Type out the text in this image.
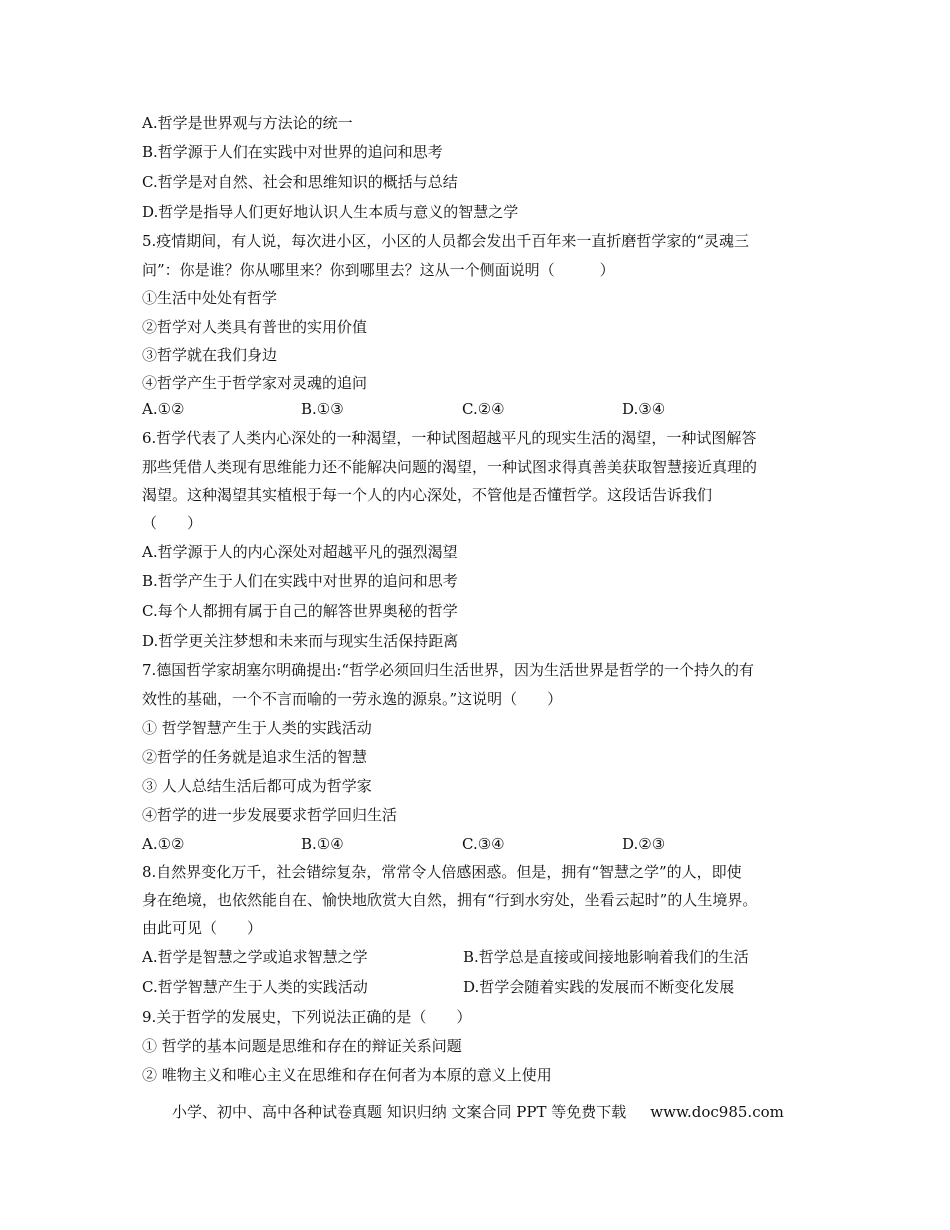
A.哲学是世界观与方法论的统一
B.哲学源于人们在实践中对世界的追问和思考
C.哲学是对自然、社会和思维知识的概括与总结
D.哲学是指导人们更好地认识人生本质与意义的智慧之学
5.疫情期间，有人说，每次进小区，小区的人员都会发出千百年来一直折磨哲学家的“灵魂三
问”：你是谁？你从哪里来？你到哪里去？这从一个侧面说明（　　　）
①生活中处处有哲学
②哲学对人类具有普世的实用价值
③哲学就在我们身边
④哲学产生于哲学家对灵魂的追问
A.①②	B.①③	C.②④	D.③④
6.哲学代表了人类内心深处的一种渴望，一种试图超越平凡的现实生活的渴望，一种试图解答
那些凭借人类现有思维能力还不能解决问题的渴望，一种试图求得真善美获取智慧接近真理的
渴望。这种渴望其实植根于每一个人的内心深处，不管他是否懂哲学。这段话告诉我们
（　　）
A.哲学源于人的内心深处对超越平凡的强烈渴望
B.哲学产生于人们在实践中对世界的追问和思考
C.每个人都拥有属于自己的解答世界奥秘的哲学
D.哲学更关注梦想和未来而与现实生活保持距离
7.德国哲学家胡塞尔明确提出:“哲学必须回归生活世界，因为生活世界是哲学的一个持久的有
效性的基础，一个不言而喻的一劳永逸的源泉。”这说明（　　）
① 哲学智慧产生于人类的实践活动
②哲学的任务就是追求生活的智慧
③ 人人总结生活后都可成为哲学家
④哲学的进一步发展要求哲学回归生活
A.①②	B.①④	C.③④	D.②③
8.自然界变化万千，社会错综复杂，常常令人倍感困惑。但是，拥有“智慧之学”的人，即使
身在绝境，也依然能自在、愉快地欣赏大自然，拥有“行到水穷处，坐看云起时”的人生境界。
由此可见（　　）
A.哲学是智慧之学或追求智慧之学	B.哲学总是直接或间接地影响着我们的生活
C.哲学智慧产生于人类的实践活动	D.哲学会随着实践的发展而不断变化发展
9.关于哲学的发展史，下列说法正确的是（　　）
① 哲学的基本问题是思维和存在的辩证关系问题
② 唯物主义和唯心主义在思维和存在何者为本原的意义上使用
小学、初中、高中各种试卷真题 知识归纳 文案合同 PPT 等免费下载 www.doc985.com
